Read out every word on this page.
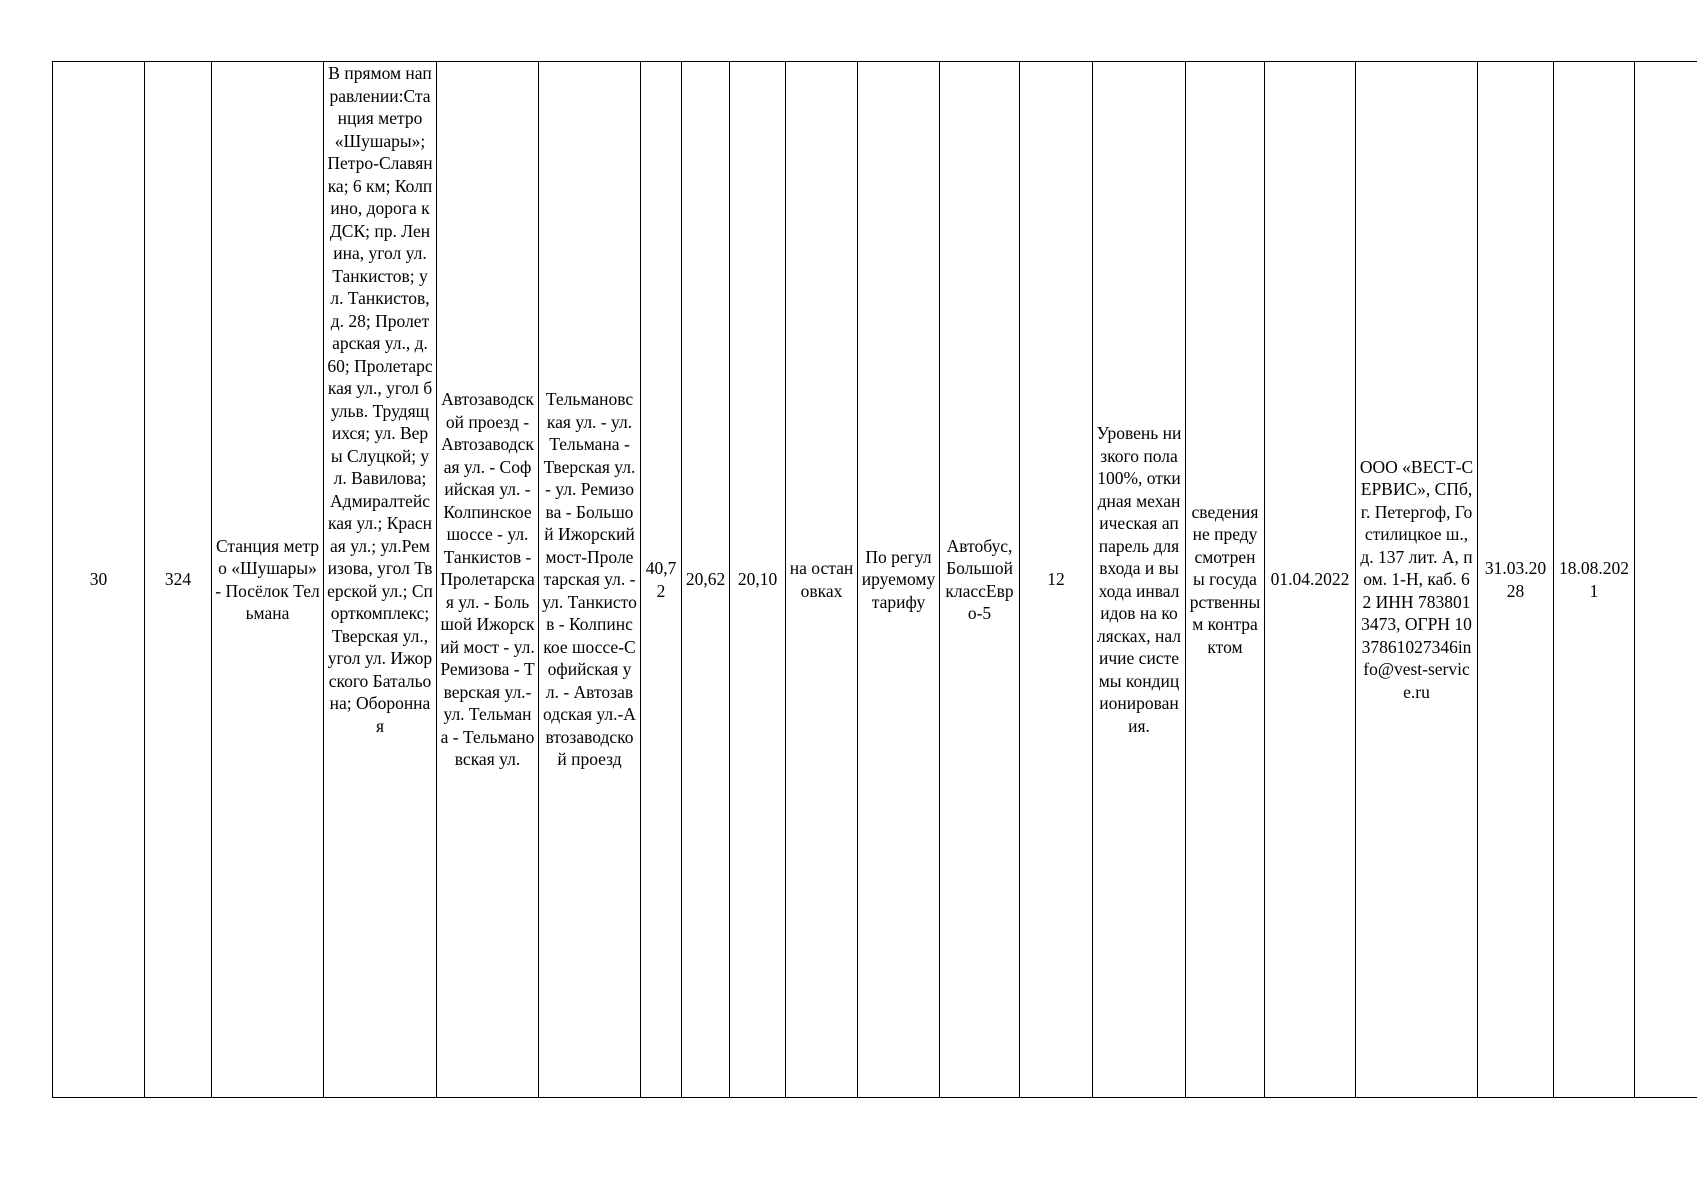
30	324	Станция метро «Шушары» - Посёлок Тельмана	В прямом направлении:Станция метро «Шушары»; Петро-Славянка; 6 км; Колпино, дорога к ДСК; пр. Ленина, угол ул. Танкистов; ул. Танкистов, д. 28; Пролетарская ул., д. 60; Пролетарская ул., угол бульв. Трудящихся; ул. Веры Слуцкой; ул. Вавилова; Адмиралтейская ул.; Красная ул.; ул.Ремизова, угол Тверской ул.; Спорткомплекс; Тверская ул., угол ул. Ижорского Батальона; Оборонная	Автозаводской проезд - Автозаводская ул. - Софийская ул. - Колпинское шоссе - ул. Танкистов - Пролетарская ул. - Большой Ижорский мост - ул. Ремизова - Тверская ул.- ул. Тельмана - Тельмановская ул.	Тельмановская ул. - ул. Тельмана - Тверская ул. - ул. Ремизова - Большой Ижорский мост-Пролетарская ул. - ул. Танкистов - Колпинское шоссе-Софийская ул. - Автозаводская ул.-Автозаводской проезд	40,72	20,62	20,10	на остановках	По регулируемому тарифу	Автобус, Большой классЕвро-5	12	Уровень низкого пола 100%, откидная механическая аппарель для входа и выхода инвалидов на колясках, наличие системы кондиционирования.	сведения не предусмотрены государственным контрактом	01.04.2022	ООО «ВЕСТ-СЕРВИС», СПб, г. Петергоф, Гостилицкое ш., д. 137 лит. А, пом. 1-Н, каб. 62 ИНН 7838013473, ОГРН 1037861027346info@vest-service.ru	31.03.2028	18.08.2021	
